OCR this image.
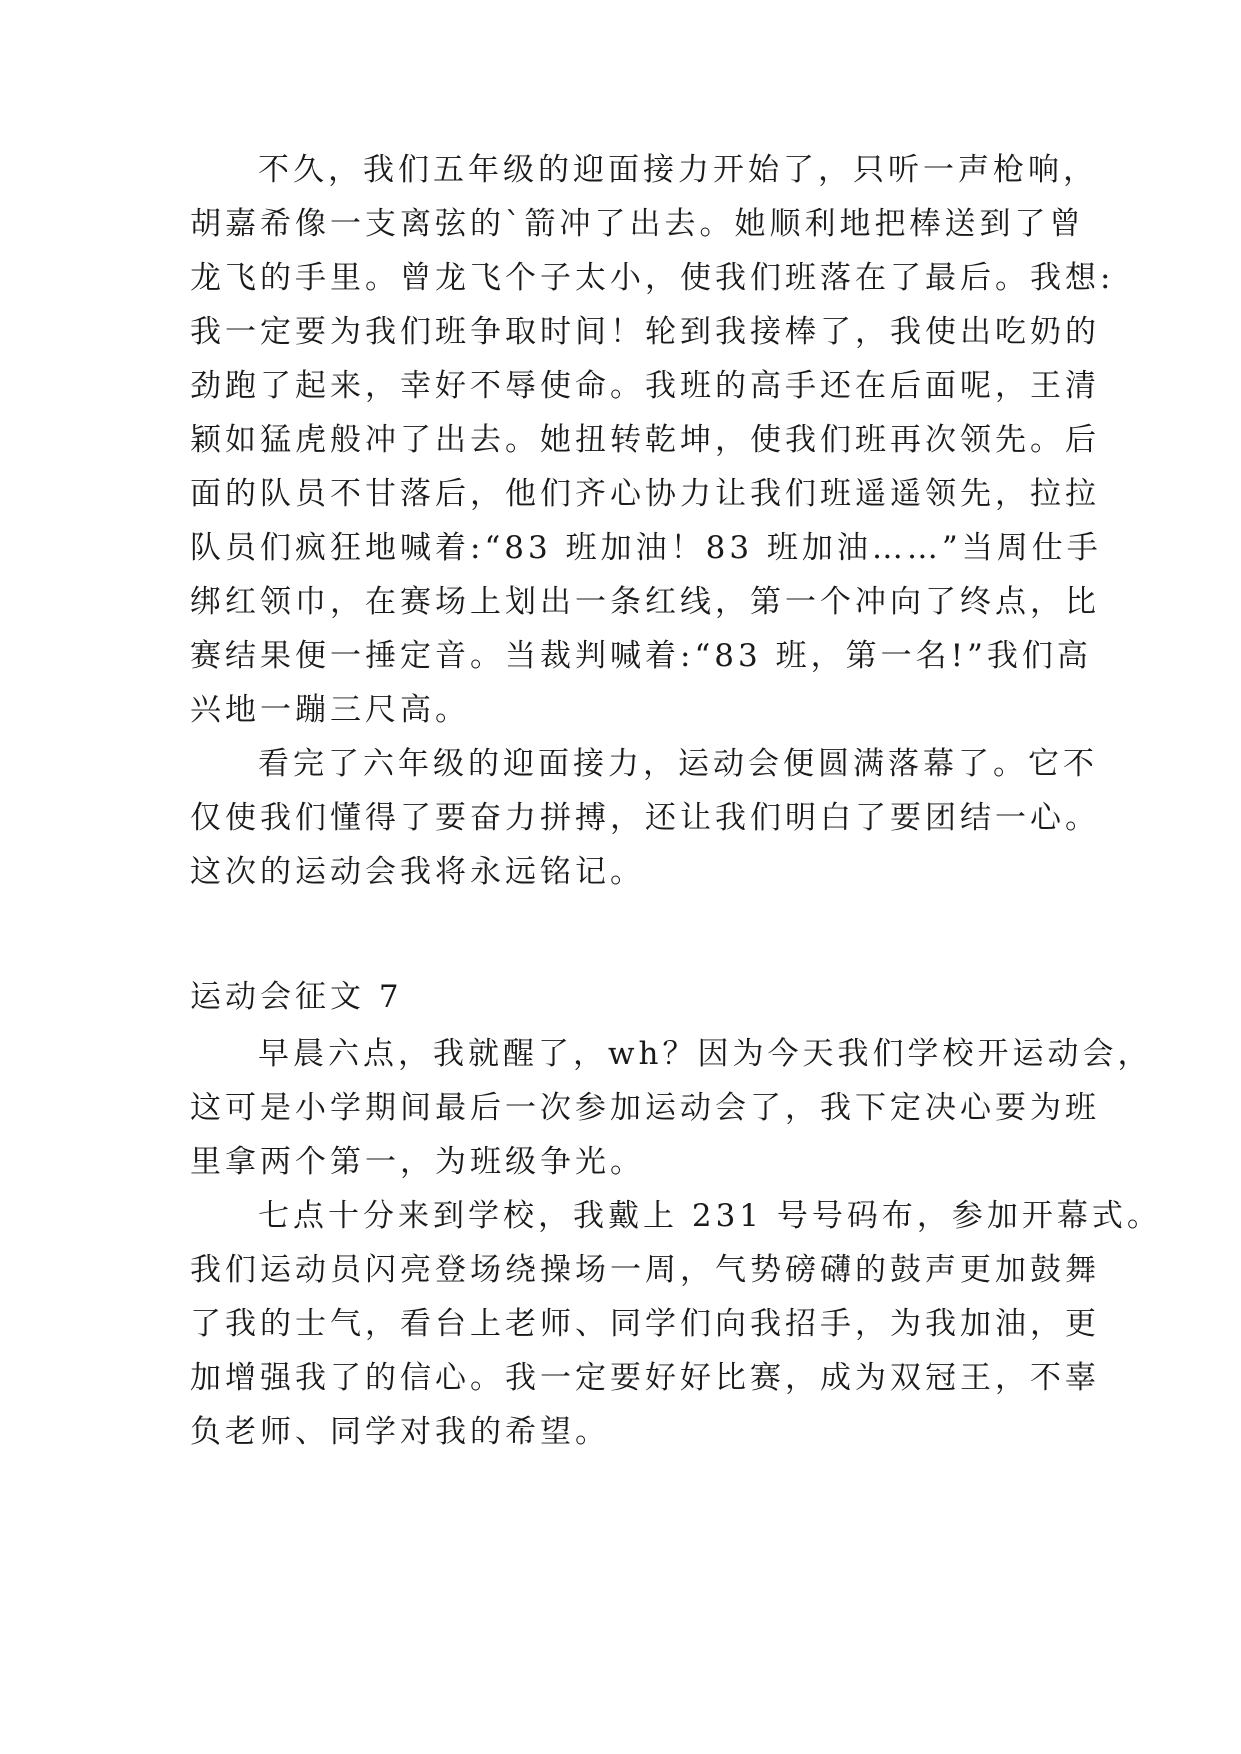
不久，我们五年级的迎面接力开始了，只听一声枪响，
胡嘉希像一支离弦的`箭冲了出去。她顺利地把棒送到了曾
龙飞的手里。曾龙飞个子太小，使我们班落在了最后。我想:
我一定要为我们班争取时间！轮到我接棒了，我使出吃奶的
劲跑了起来，幸好不辱使命。我班的高手还在后面呢，王清
颖如猛虎般冲了出去。她扭转乾坤，使我们班再次领先。后
面的队员不甘落后，他们齐心协力让我们班遥遥领先，拉拉
队员们疯狂地喊着:“83 班加油！83 班加油……”当周仕手
绑红领巾，在赛场上划出一条红线，第一个冲向了终点，比
赛结果便一捶定音。当裁判喊着:“83 班，第一名!”我们高
兴地一蹦三尺高。
看完了六年级的迎面接力，运动会便圆满落幕了。它不
仅使我们懂得了要奋力拼搏，还让我们明白了要团结一心。
这次的运动会我将永远铭记。
运动会征文 7
早晨六点，我就醒了，wh？因为今天我们学校开运动会，
这可是小学期间最后一次参加运动会了，我下定决心要为班
里拿两个第一，为班级争光。
七点十分来到学校，我戴上 231 号号码布，参加开幕式。
我们运动员闪亮登场绕操场一周，气势磅礴的鼓声更加鼓舞
了我的士气，看台上老师、同学们向我招手，为我加油，更
加增强我了的信心。我一定要好好比赛，成为双冠王，不辜
负老师、同学对我的希望。
